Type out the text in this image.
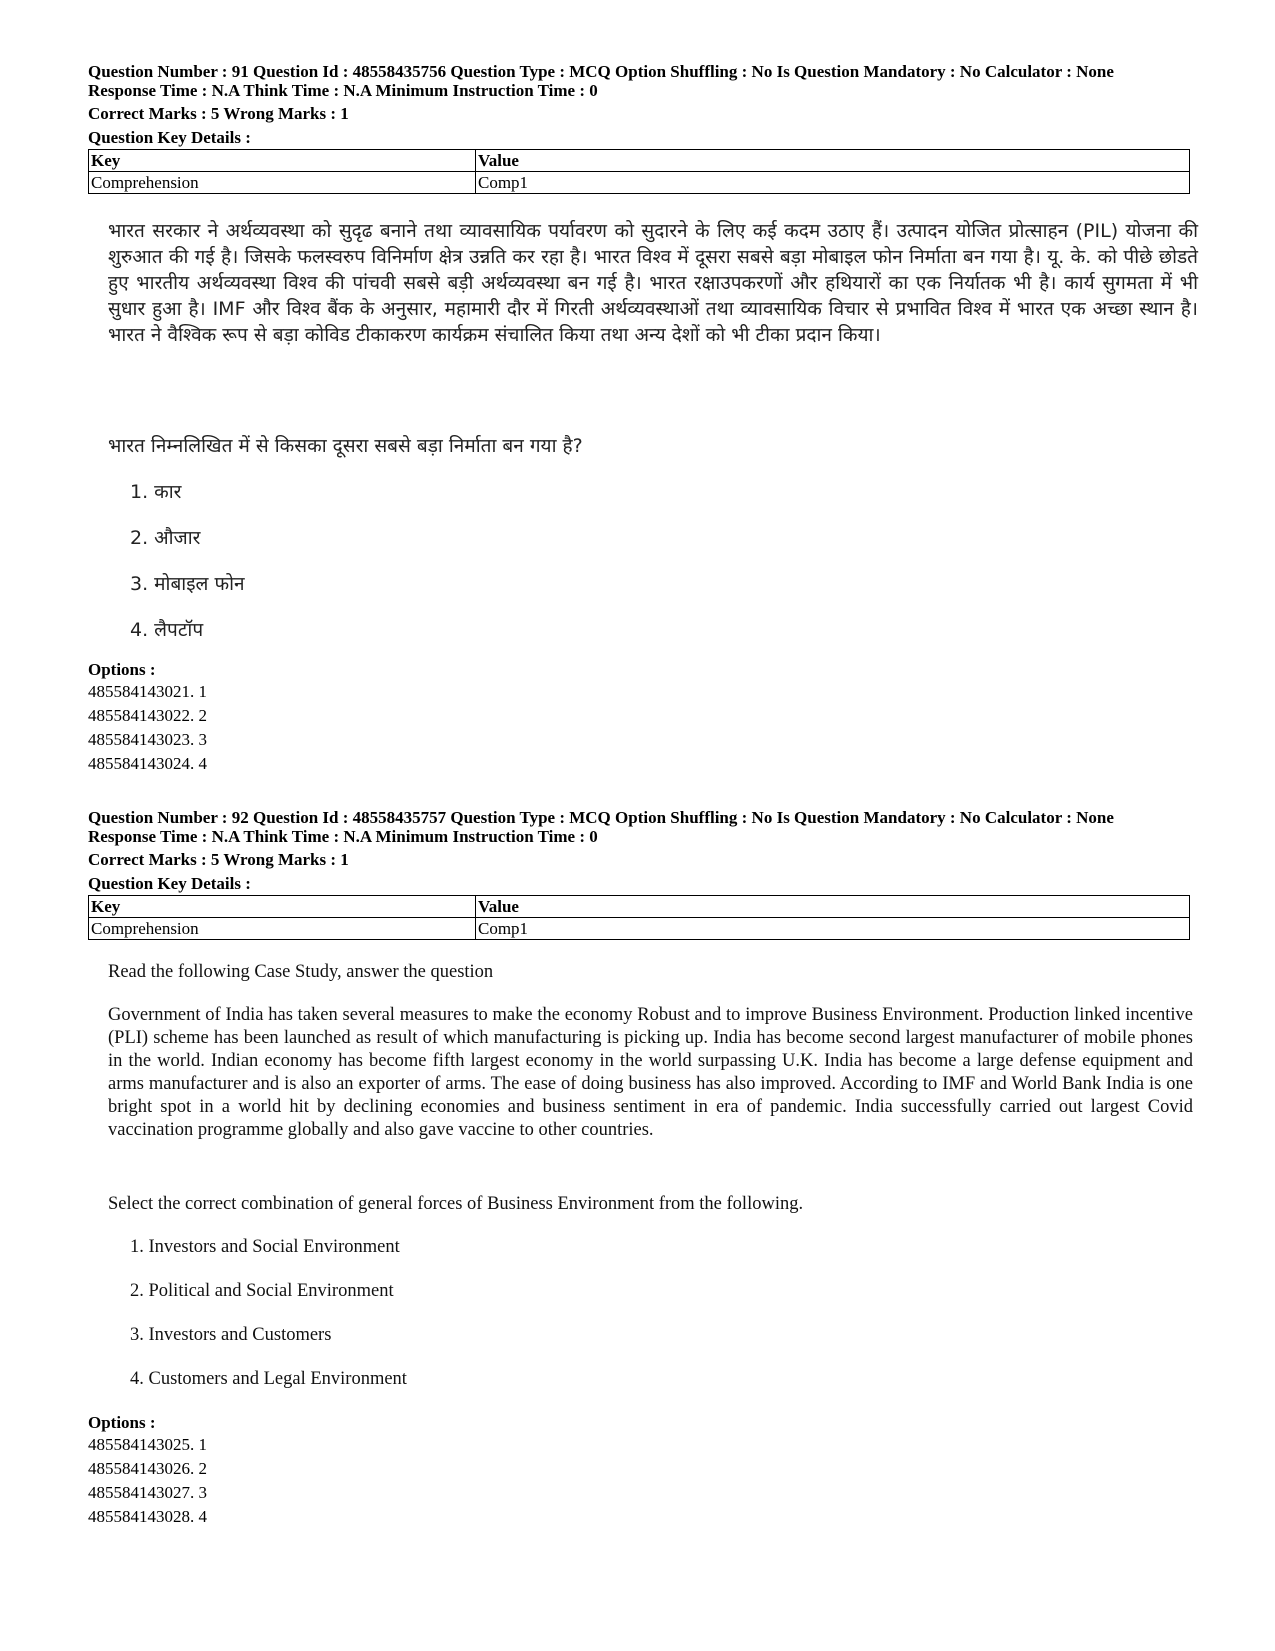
Question Number : 91 Question Id : 48558435756 Question Type : MCQ Option Shuffling : No Is Question Mandatory : No Calculator : None
Response Time : N.A Think Time : N.A Minimum Instruction Time : 0
Correct Marks : 5 Wrong Marks : 1
Question Key Details :
Key	Value
Comprehension	Comp1

भारत सरकार ने अर्थव्यवस्था को सुदृढ बनाने तथा व्यावसायिक पर्यावरण को सुदारने के लिए कई कदम उठाए हैं। उत्पादन योजित प्रोत्साहन (PIL) योजना की शुरुआत की गई है। जिसके फलस्वरुप विनिर्माण क्षेत्र उन्नति कर रहा है। भारत विश्व में दूसरा सबसे बड़ा मोबाइल फोन निर्माता बन गया है। यू. के. को पीछे छोडते हुए भारतीय अर्थव्यवस्था विश्व की पांचवी सबसे बड़ी अर्थव्यवस्था बन गई है। भारत रक्षाउपकरणों और हथियारों का एक निर्यातक भी है। कार्य सुगमता में भी सुधार हुआ है। IMF और विश्व बैंक के अनुसार, महामारी दौर में गिरती अर्थव्यवस्थाओं तथा व्यावसायिक विचार से प्रभावित विश्व में भारत एक अच्छा स्थान है। भारत ने वैश्विक रूप से बड़ा कोविड टीकाकरण कार्यक्रम संचालित किया तथा अन्य देशों को भी टीका प्रदान किया।

भारत निम्नलिखित में से किसका दूसरा सबसे बड़ा निर्माता बन गया है?
1. कार
2. औजार
3. मोबाइल फोन
4. लैपटॉप
Options :
485584143021. 1
485584143022. 2
485584143023. 3
485584143024. 4
Question Number : 92 Question Id : 48558435757 Question Type : MCQ Option Shuffling : No Is Question Mandatory : No Calculator : None
Response Time : N.A Think Time : N.A Minimum Instruction Time : 0
Correct Marks : 5 Wrong Marks : 1
Question Key Details :
Key	Value
Comprehension	Comp1
Read the following Case Study, answer the question
Government of India has taken several measures to make the economy Robust and to improve Business Environment. Production linked incentive (PLI) scheme has been launched as result of which manufacturing is picking up. India has become second largest manufacturer of mobile phones in the world. Indian economy has become fifth largest economy in the world surpassing U.K. India has become a large defense equipment and arms manufacturer and is also an exporter of arms. The ease of doing business has also improved. According to IMF and World Bank India is one bright spot in a world hit by declining economies and business sentiment in era of pandemic. India successfully carried out largest Covid vaccination programme globally and also gave vaccine to other countries.
Select the correct combination of general forces of Business Environment from the following.
1. Investors and Social Environment
2. Political and Social Environment
3. Investors and Customers
4. Customers and Legal Environment
Options :
485584143025. 1
485584143026. 2
485584143027. 3
485584143028. 4
